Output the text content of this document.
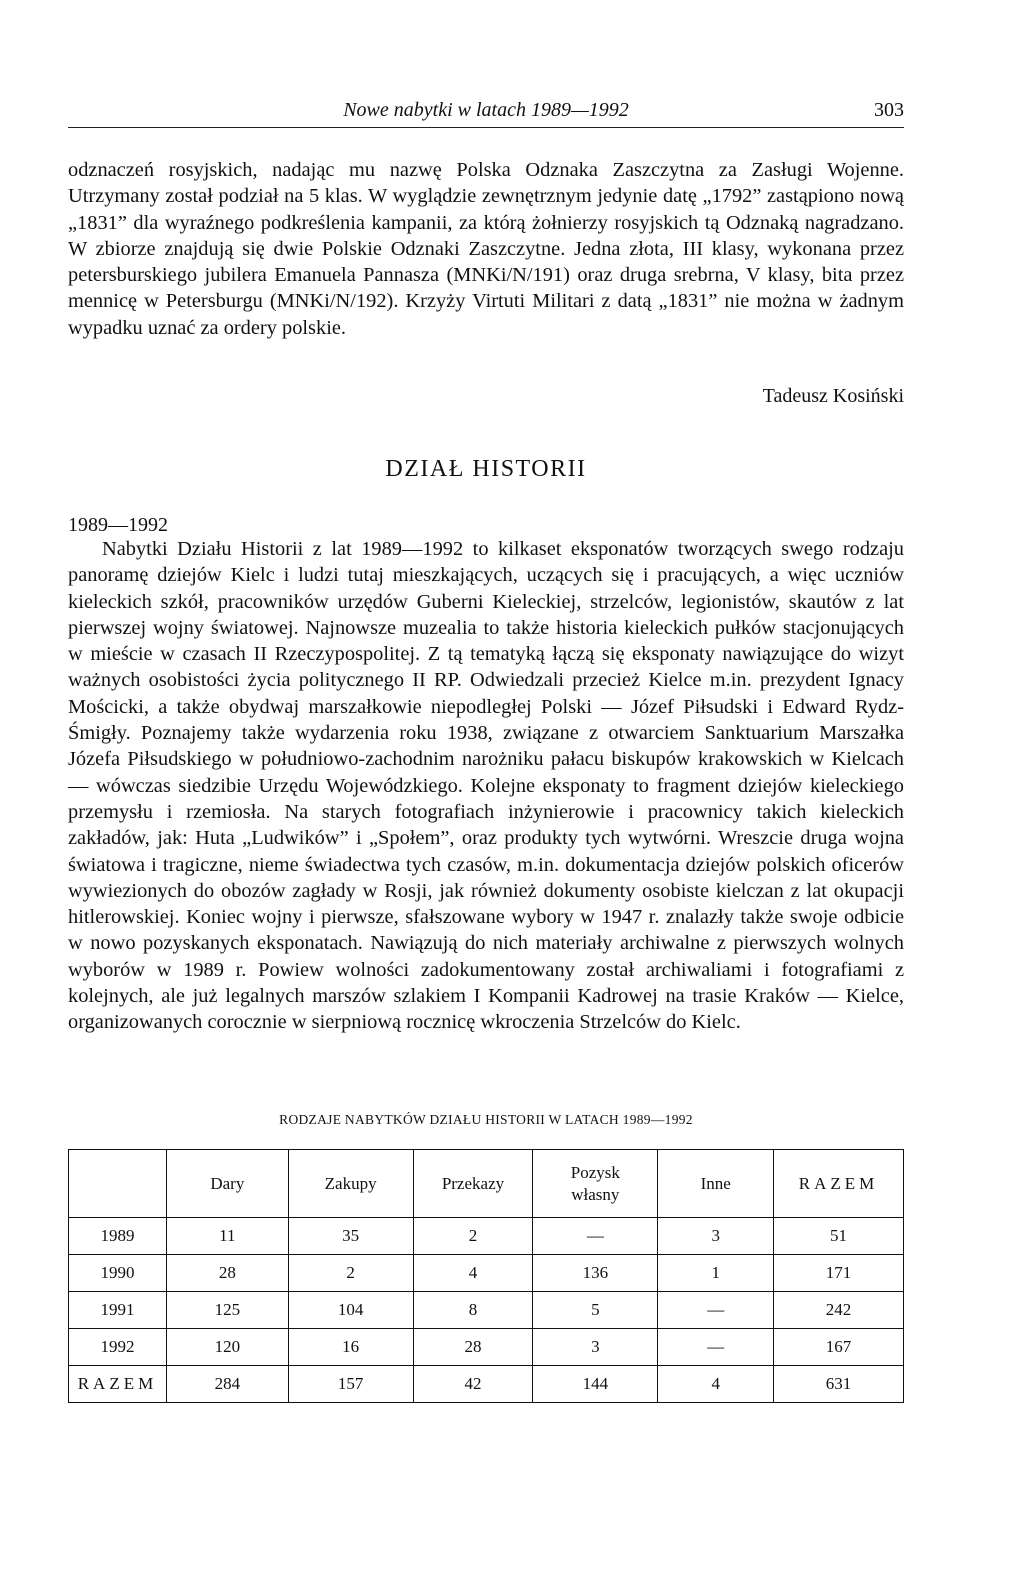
Nowe nabytki w latach 1989—1992	303

odznaczeń rosyjskich, nadając mu nazwę Polska Odznaka Zaszczytna za Zasługi Wojenne. Utrzymany został podział na 5 klas. W wyglądzie zewnętrznym jedynie datę „1792” zastąpiono nową „1831” dla wyraźnego podkreślenia kampanii, za którą żołnierzy rosyjskich tą Odznaką nagradzano. W zbiorze znajdują się dwie Polskie Odznaki Zaszczytne. Jedna złota, III klasy, wykonana przez petersburskiego jubilera Emanuela Pannasza (MNKi/N/191) oraz druga srebrna, V klasy, bita przez mennicę w Petersburgu (MNKi/N/192). Krzyży Virtuti Militari z datą „1831” nie można w żadnym wypadku uznać za ordery polskie.

Tadeusz Kosiński
DZIAŁ HISTORII
1989—1992

Nabytki Działu Historii z lat 1989—1992 to kilkaset eksponatów tworzących swego rodzaju panoramę dziejów Kielc i ludzi tutaj mieszkających, uczących się i pracujących, a więc uczniów kieleckich szkół, pracowników urzędów Guberni Kieleckiej, strzelców, legionistów, skautów z lat pierwszej wojny światowej. Najnowsze muzealia to także historia kieleckich pułków stacjonujących w mieście w czasach II Rzeczypospolitej. Z tą tematyką łączą się eksponaty nawiązujące do wizyt ważnych osobistości życia politycznego II RP. Odwiedzali przecież Kielce m.in. prezydent Ignacy Mościcki, a także obydwaj marszałkowie niepodległej Polski — Józef Piłsudski i Edward Rydz-Śmigły. Poznajemy także wydarzenia roku 1938, związane z otwarciem Sanktuarium Marszałka Józefa Piłsudskiego w południowo-zachodnim narożniku pałacu biskupów krakowskich w Kielcach — wówczas siedzibie Urzędu Wojewódzkiego. Kolejne eksponaty to fragment dziejów kieleckiego przemysłu i rzemiosła. Na starych fotografiach inżynierowie i pracownicy takich kieleckich zakładów, jak: Huta „Ludwików” i „Społem”, oraz produkty tych wytwórni. Wreszcie druga wojna światowa i tragiczne, nieme świadectwa tych czasów, m.in. dokumentacja dziejów polskich oficerów wywiezionych do obozów zagłady w Rosji, jak również dokumenty osobiste kielczan z lat okupacji hitlerowskiej. Koniec wojny i pierwsze, sfałszowane wybory w 1947 r. znalazły także swoje odbicie w nowo pozyskanych eksponatach. Nawiązują do nich materiały archiwalne z pierwszych wolnych wyborów w 1989 r. Powiew wolności zadokumentowany został archiwaliami i fotografiami z kolejnych, ale już legalnych marszów szlakiem I Kompanii Kadrowej na trasie Kraków — Kielce, organizowanych corocznie w sierpniową rocznicę wkroczenia Strzelców do Kielc.

RODZAJE NABYTKÓW DZIAŁU HISTORII W LATACH 1989—1992
	Dary	Zakupy	Przekazy	Pozysk własny	Inne	RAZEM
1989	11	35	2	—	3	51
1990	28	2	4	136	1	171
1991	125	104	8	5	—	242
1992	120	16	28	3	—	167
RAZEM	284	157	42	144	4	631
